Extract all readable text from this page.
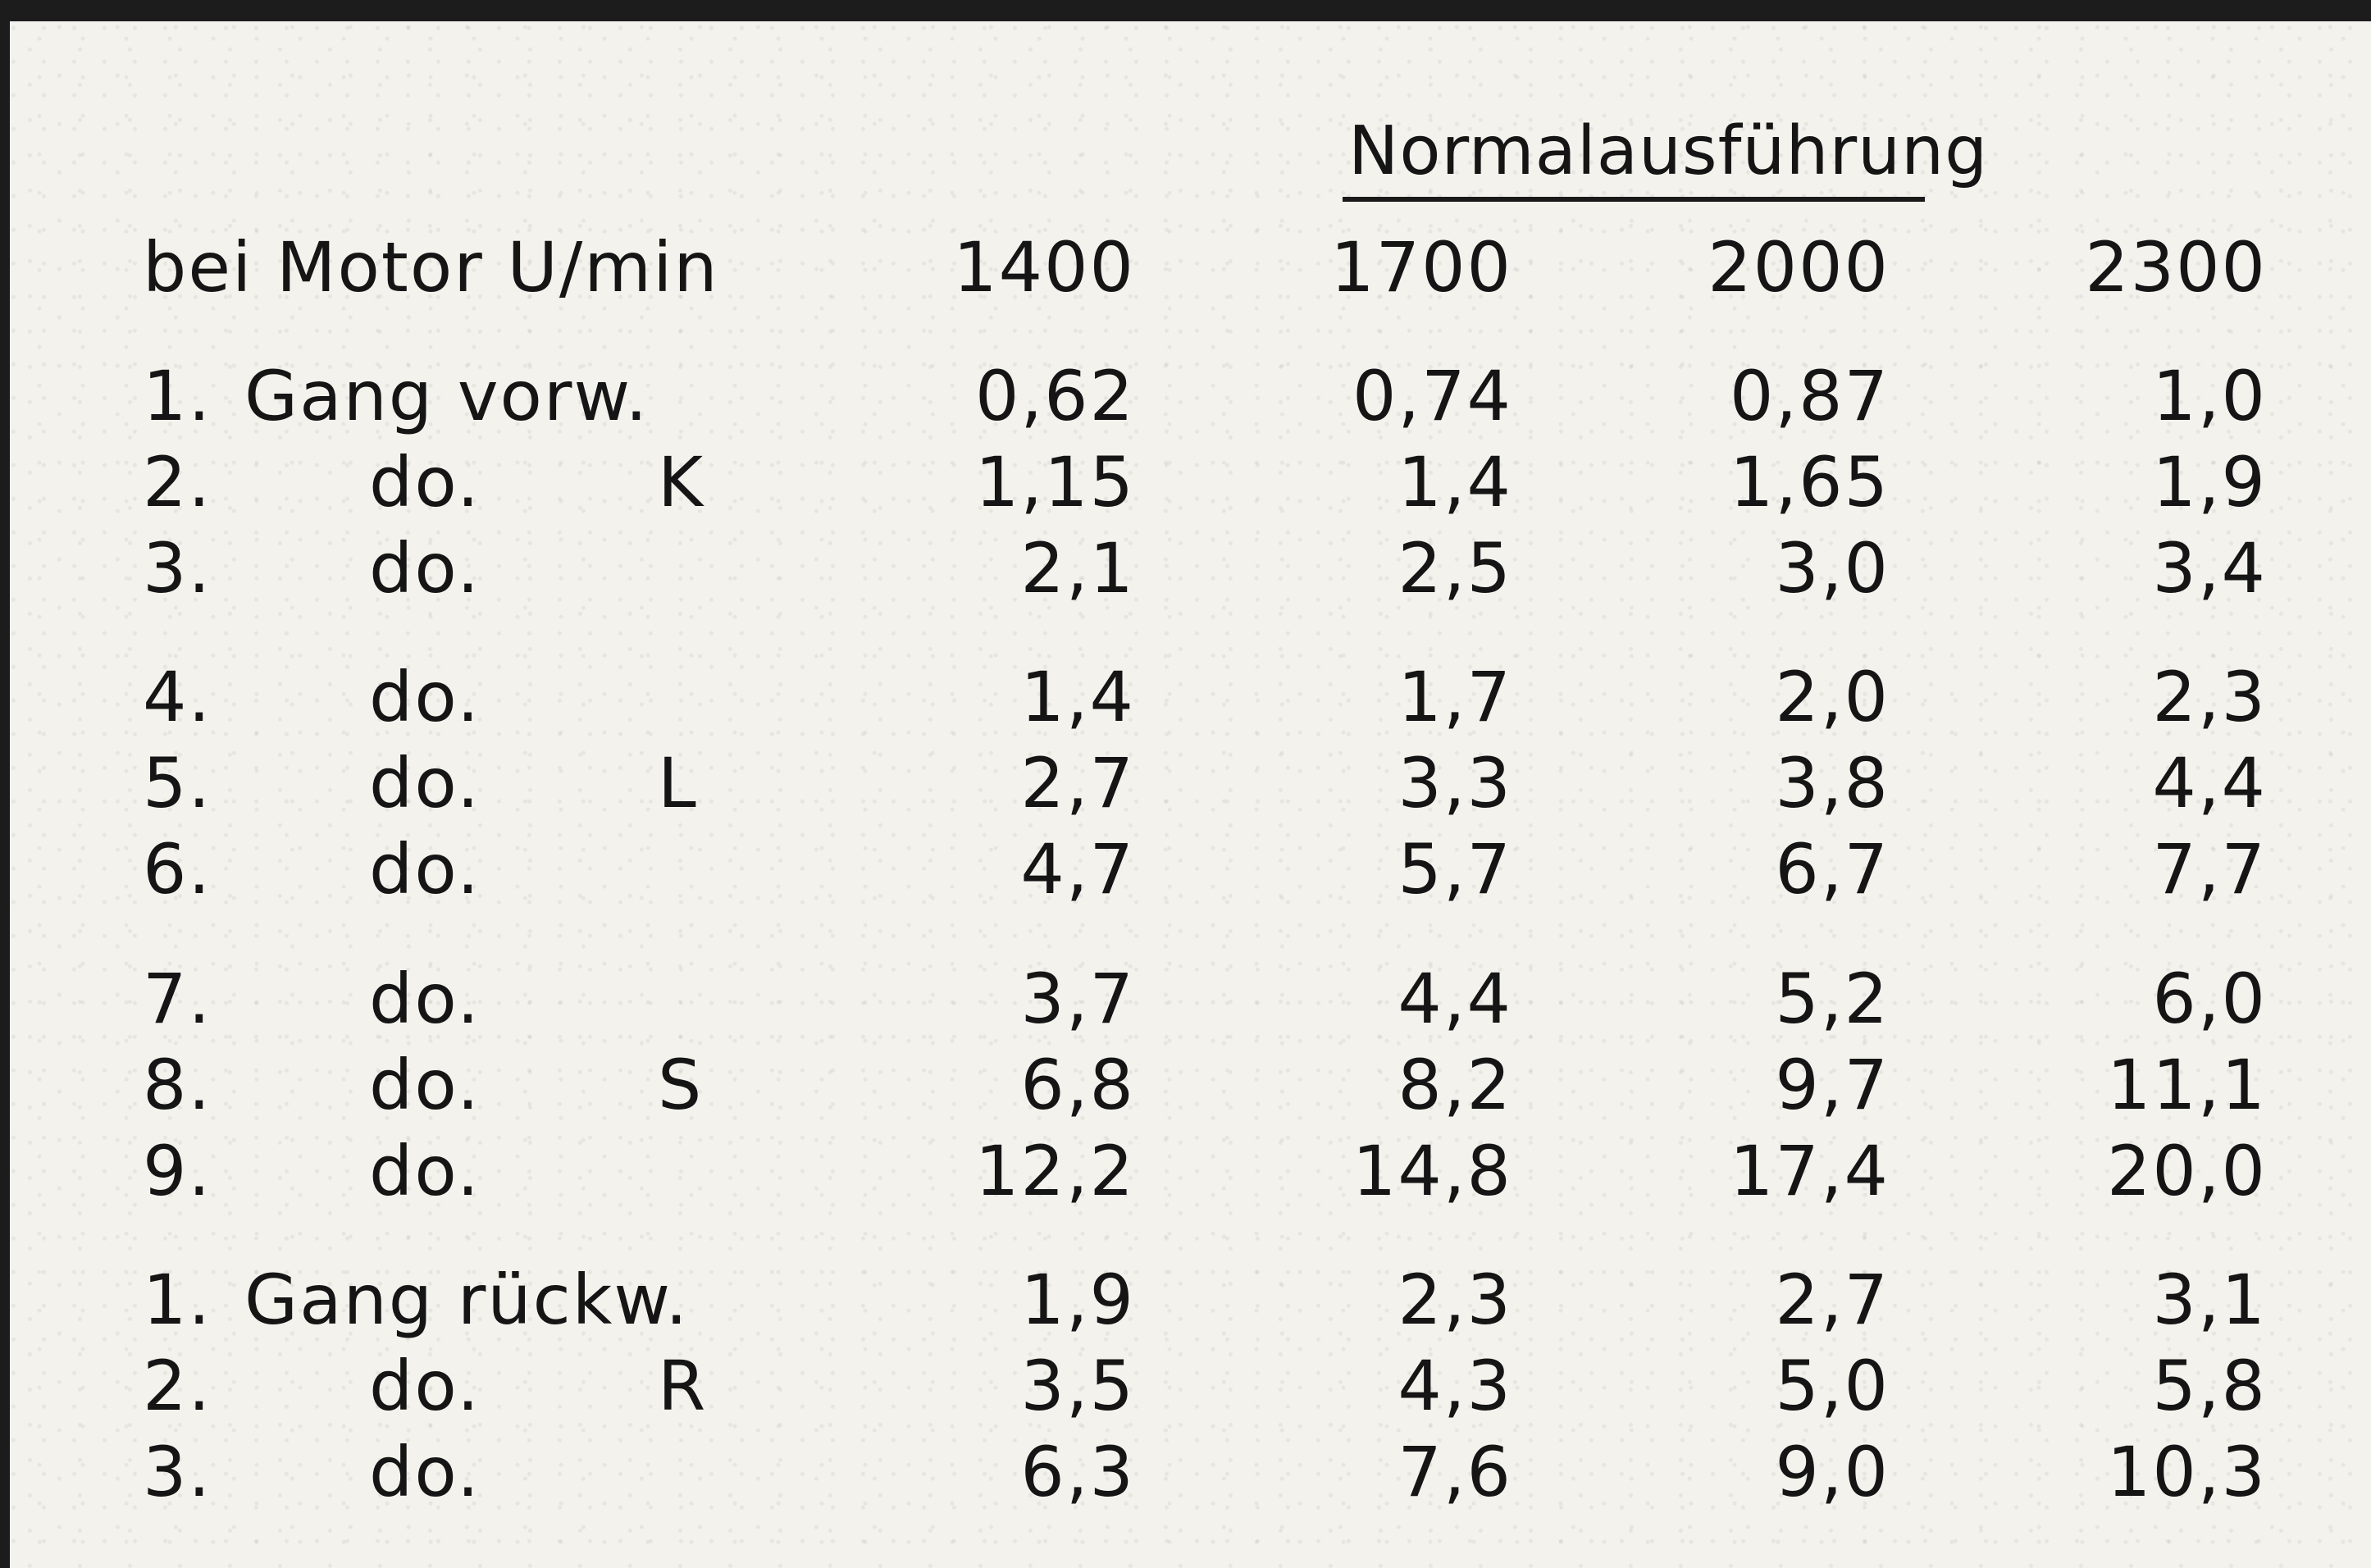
Normalausführung
bei Motor U/min	1400	1700	2000	2300
1. Gang vorw.	0,62	0,74	0,87	1,0
2. do.	K	1,15	1,4	1,65	1,9
3. do.	2,1	2,5	3,0	3,4
4. do.	1,4	1,7	2,0	2,3
5. do.	L	2,7	3,3	3,8	4,4
6. do.	4,7	5,7	6,7	7,7
7. do.	3,7	4,4	5,2	6,0
8. do.	S	6,8	8,2	9,7	11,1
9. do.	12,2	14,8	17,4	20,0
1. Gang rückw.	1,9	2,3	2,7	3,1
2. do.	R	3,5	4,3	5,0	5,8
3. do.	6,3	7,6	9,0	10,3
